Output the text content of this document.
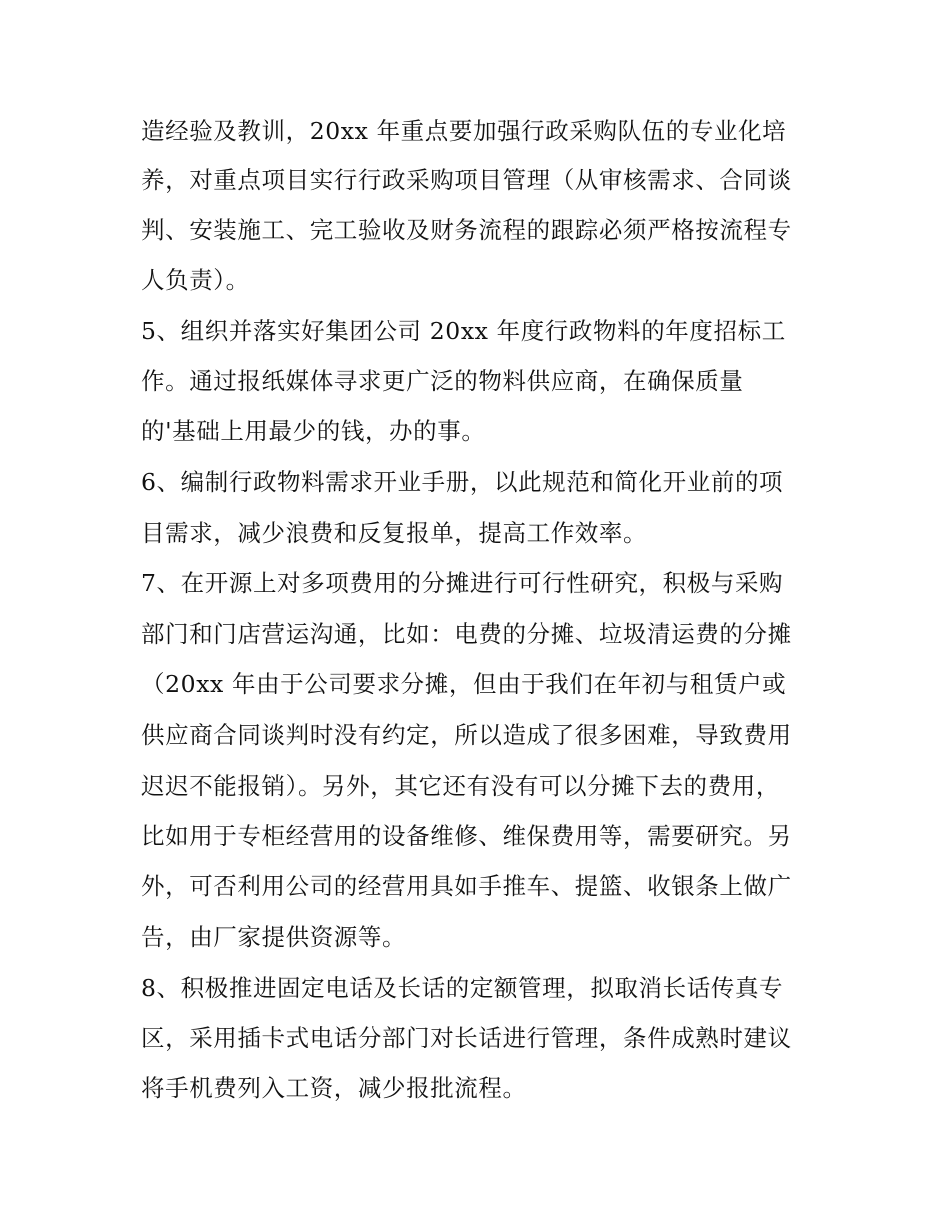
造经验及教训，20xx 年重点要加强行政采购队伍的专业化培
养，对重点项目实行行政采购项目管理（从审核需求、合同谈
判、安装施工、完工验收及财务流程的跟踪必须严格按流程专
人负责）。
5、组织并落实好集团公司 20xx 年度行政物料的年度招标工
作。通过报纸媒体寻求更广泛的物料供应商，在确保质量
的'基础上用最少的钱，办的事。
6、编制行政物料需求开业手册，以此规范和简化开业前的项
目需求，减少浪费和反复报单，提高工作效率。
7、在开源上对多项费用的分摊进行可行性研究，积极与采购
部门和门店营运沟通，比如：电费的分摊、垃圾清运费的分摊
（20xx 年由于公司要求分摊，但由于我们在年初与租赁户或
供应商合同谈判时没有约定，所以造成了很多困难，导致费用
迟迟不能报销）。另外，其它还有没有可以分摊下去的费用，
比如用于专柜经营用的设备维修、维保费用等，需要研究。另
外，可否利用公司的经营用具如手推车、提篮、收银条上做广
告，由厂家提供资源等。
8、积极推进固定电话及长话的定额管理，拟取消长话传真专
区，采用插卡式电话分部门对长话进行管理，条件成熟时建议
将手机费列入工资，减少报批流程。
